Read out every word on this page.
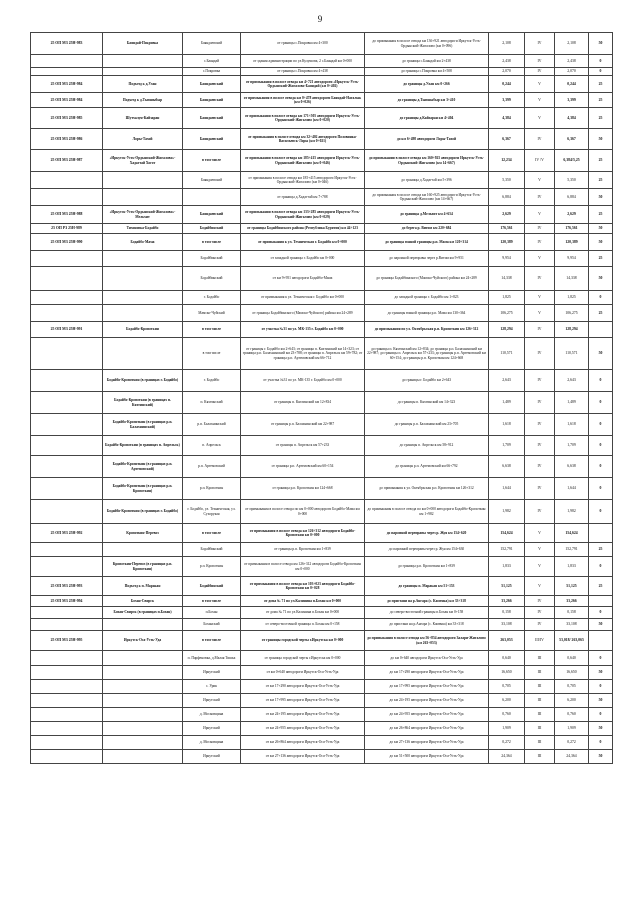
9
25 ОП МЗ 25Н-983	Баяндай-Покровка	Баяндаевский	от границы с.Покровка км 4+300	до примыкания в полосе отвода км 136+921 автодороги Иркутск-Усть-Ордынский-Жигалово (км 0+096)	2,108	IV	2,108	50
		с.Баяндай	от здания администрации по ул.Кулушова, 2 с.Баяндай км 0+000	до границы с.Баяндай км 2+438	2,438	IV	2,438	0
		с.Покровка	от границы с.Покровка км 4+438	до границы с.Покровка км 4+508	2,070	IV	2,070	0
25 ОП МЗ 25Н-984	Подъезд к д.Улан	Баяндаевский	от примыкания в полосе отвода км 4+721 автодороги «Иркутск-Усть-Ордынский-Жигалово-Баяндай (км 0+402)	до границы д.Улан км 0+266	0,244	V	0,244	25
25 ОП МЗ 25Н-984	Подъезд к д.Тыпшыбыр	Баяндаевский	от примыкания в полосе отвода км 0+478 автодороги Баяндай-Нагалык (км 0+026)	до границы д.Тыпшыбыр км 3+410	3,399	V	3,399	25
25 ОП МЗ 25Н-985	Шутхалун-Кайзаран	Баяндаевский	от примыкания в полосе отвода км 171+505 автодороги Иркутск-Усть-Ордынский-Жигалово (км 0+020)	до границы д.Кайзаран км 4+404	4,384	V	4,384	25
25 ОП МЗ 25Н-986	Лоры-Тахой	Баяндаевский	от примыкания в полосе отвода км 32+402 автодороги Половинка-Васильевск-Лоры (км 0+021)	до км 6+498 автодороги Лоры-Тахой	6,367	IV	6,367	50
25 ОП МЗ 25Н-987	«Иркутск-Усть-Ордынский-Жигалово»-Хадагтай Хогот	в том числе	от примыкания в полосе отвода км 185+415 автодороги Иркутск-Усть-Ордынский-Жигалово (км 0+046)	до примыкания в полосе отвода км 160+925 автодороги Иркутск-Усть-Ордынский-Жигалово (км 14+667)	12,234	IV /V	6,384/5,25	25
		Баяндаевский	от примыкания в полосе отвода км 185+415 автодороги Иркутск-Усть-Ордынский-Жигалово (км 0+046)	до границы д.Хадагтай км 5+396	5,350	V	5,350	25
			от границы д.Хадагтай км 7+788	до примыкания в полосе отвода км 160+925 автодороги Иркутск-Усть-Ордынский-Жигалово (км 14+667)	6,884	IV	6,884	50
25 ОП МЗ 25Н-988	«Иркутск-Усть-Ордынский-Жигалово»-Мельхит	Баяндаевский	от примыкания в полосе отвода км 133+285 автодороги Иркутск-Усть-Ордынский-Жигалово (км 0+029)	до границы д.Мельхит км 4+654	2,629	V	2,629	25
25 ОП РЗ 25Н-989	Тихоновка-Бодайбо	Бодайбинский	от границы Бодайбинского района (Республика Бурятия) км 44+123	до берега р. Витим км 220+684	176,561	IV	176,561	50
25 ОП МЗ 25Н-990	Бодайбо-Мама	в том числе	от примыкания к ул. Техническая г. Бодайбо км 0+000	до границы южной границы р.п. Мама км 120+314	120,389	IV	120,389	50
		Бодайбинский	от западной границы г. Бодайбо км 0+000	до паромной переправы через р.Витим км 9+951	9,954	V	9,954	25
		Бодайбинский	от км 9+951 автодороги Бодайбо-Мама	до границы Бодайбинского (Мамско-Чуйского) района км 24+289	14,338	IV	14,338	50
		г. Бодайбо	от примыкания к ул. Техническая г. Бодайбо км 0+000	до западной границы г. Бодайбо км 1+823	1,825	V	1,825	0
		Мамско-Чуйский	от границы Бодайбинского (Мамско-Чуйского) района км 24+289	до границы южной границы р.п. Мама км 130+364	106,275	V	106,275	25
25 ОП МЗ 25Н-991	Бодайбо-Кропоткин	в том числе	от участка №31 по ул. МК-135 г. Бодайбо км 0+000	до примыкания по ул. Октябрьская р.п. Кропоткин км 126+312	128,294	IV	128,294	
		в том числе	от границы г. Бодайбо км 2+643; от границы п. Кяхтинский км 14+323; от границы р.п. Балахнинский км 23+788; от границы п. Апрельск км 59+782; от границы р.п. Артемовский км 66+712	до границы п. Кяхтинский км 12+834; до границы р.п. Балахнинский км 22+987; до границы п. Апрельск км 57+233; до границы р.п. Артемовский км 60+154; до границы р.п. Кропоткин км 124+668	110,571	IV	110,571	50
	Бодайбо-Кропоткин (в границах г. Бодайбо)	г. Бодайбо	от участка №31 по ул. МК-135 г. Бодайбо км 0+000	до границы г. Бодайбо км 2+643	2,643	IV	2,643	0
	Бодайбо-Кропоткин (в границах п. Кяхтинский)	п. Кяхтинский	от границы п. Кяхтинский км 12+834	до границы п. Кяхтинский км 14+323	1,489	IV	1,489	0
	Бодайбо-Кропоткин (в границах р.п. Балахнинский)	р.п. Балахнинский	от границы р.п. Балахнинский км 22+987	до границы р.п. Балахнинский км 23+705	1,618	IV	1,618	0
	Бодайбо-Кропоткин (в границах п. Апрельск)	п. Апрельск	от границы п. Апрельск км 57+233	до границы п. Апрельск км 58+912	1,709	IV	1,709	0
	Бодайбо-Кропоткин (в границах р.п. Артемовский)	р.п. Артемовский	от границы р.п. Артемовский км 60+154	до границы р.п. Артемовский км 66+792	6,638	IV	6,638	0
	Бодайбо-Кропоткин (в границах р.п. Кропоткин)	р.п. Кропоткин	от границы р.п. Кропоткин км 124+668	до примыкания к ул. Октябрьская р.п. Кропоткин км 126+312	1,644	IV	1,644	0
	Бодайбо-Кропоткин (в границах г. Бодайбо)	г. Бодайбо, ул. Техническая, ул. Сухорукая	от примыкания в полосе отвода по км 0+000 автодороги Бодайбо-Мама км 0+000	до примыкания в полосе отвода по км 0+000 автодороги Бодайбо-Кропоткин км 1+982	1,982	IV	1,982	0
25 ОП МЗ 25Н-992	Кропоткин-Перевоз	в том числе	от примыкания в полосе отвода км 126+312 автодороги Бодайбо-Кропоткин км 0+000	до паромной переправы через р. Жуя км 154+620	154,624	V	154,624	
		Бодайбинский	от границы р.п. Кропоткин км 1+839	до паромной переправы через р. Жуя км 154+630	152,791	V	152,791	25
	Кропоткин-Перевоз (в границах р.п. Кропоткин)	р.п. Кропоткин	от примыкания в полосе отвода км 126+312 автодороги Бодайбо-Кропоткин км 0+000	до границы р.п. Кропоткин км 1+839	1,833	V	1,833	0
25 ОП МЗ 25Н-993	Подъезд к п. Маракан	Бодайбинский	от примыкания в полосе отвода км 103+023 автодороги Бодайбо-Кропоткин км 0+028	до границы п. Маракан км 51+153	51,125	V	51,125	25
25 ОП МЗ 25Н-994	Бохан-Свирск	в том числе	от дома № 71 по ул.Калинина п.Бохан км 0+000	до пристани на р.Ангара (с. Каменка) км 33+318	33,266	IV	33,266	
	Бохан-Свирск (в границах п.Бохан)	п.Бохан	от дома № 71 по ул.Калинина п.Бохан км 0+000	до северо-восточной границы п.Бохан км 0+158	0,158	IV	0,158	0
		Боханский	от северо-восточной границы п. Бохан км 0+158	до пристани на р.Ангара (с. Каменка) км 33+318	33,108	IV	33,108	50
25 ОП МЗ 25Н-995	Иркутск-Оса-Усть-Уда	в том числе	от границы городской черты г.Иркутска км 0+000	до примыкания в полосе отвода км 56+854 автодороги Залари-Жигалово (км 263+053)	263,053	III/IV	53,018/ 263,065	
		п. Парфеновка, д.Малая Тишка	от границы городской черты г.Иркутска км 0+000	до км 0+640 автодороги Иркутск-Оса-Усть-Уда	0,640	III	0,640	0
		Иркутский	от км 0+640 автодороги Иркутск-Оса-Усть-Уда	до км 17+290 автодороги Иркутск-Оса-Усть-Уда	16,650	III	16,650	50
		с. Урик	от км 17+290 автодороги Иркутск-Оса-Усть-Уда	до км 17+995 автодороги Иркутск-Оса-Усть-Уда	0,705	III	0,705	0
		Иркутский	от км 17+995 автодороги Иркутск-Оса-Усть-Уда	до км 24+195 автодороги Иркутск-Оса-Усть-Уда	6,200	III	6,200	50
		д. Московщина	от км 24+195 автодороги Иркутск-Оса-Усть-Уда	до км 24+955 автодороги Иркутск-Оса-Усть-Уда	0,760	III	0,760	0
		Иркутский	от км 24+955 автодороги Иркутск-Оса-Усть-Уда	до км 26+864 автодороги Иркутск-Оса-Усть-Уда	1,909	III	1,909	50
		д. Московщина	от км 26+864 автодороги Иркутск-Оса-Усть-Уда	до км 27+136 автодороги Иркутск-Оса-Усть-Уда	0,272	III	0,272	0
		Иркутский	от км 27+136 автодороги Иркутск-Оса-Усть-Уда	до км 51+500 автодороги Иркутск-Оса-Усть-Уда	24,364	III	24,364	50
